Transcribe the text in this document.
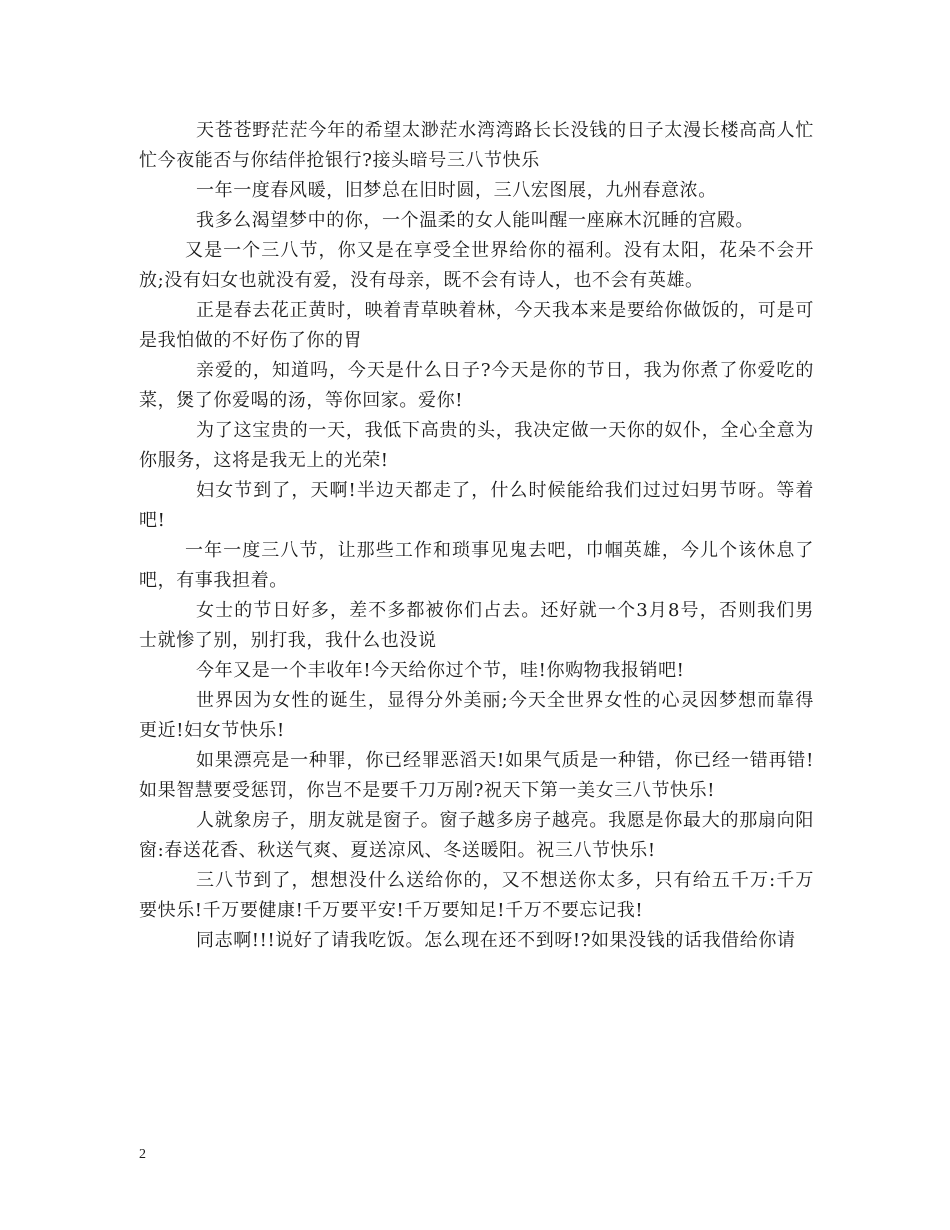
天苍苍野茫茫今年的希望太渺茫水湾湾路长长没钱的日子太漫长楼高高人忙忙今夜能否与你结伴抢银行?接头暗号三八节快乐

一年一度春风暖，旧梦总在旧时圆，三八宏图展，九州春意浓。

我多么渴望梦中的你，一个温柔的女人能叫醒一座麻木沉睡的宫殿。

又是一个三八节，你又是在享受全世界给你的福利。没有太阳，花朵不会开放;没有妇女也就没有爱，没有母亲，既不会有诗人，也不会有英雄。

正是春去花正黄时，映着青草映着林，今天我本来是要给你做饭的，可是可是我怕做的不好伤了你的胃

亲爱的，知道吗，今天是什么日子?今天是你的节日，我为你煮了你爱吃的菜，煲了你爱喝的汤，等你回家。爱你!

为了这宝贵的一天，我低下高贵的头，我决定做一天你的奴仆，全心全意为你服务，这将是我无上的光荣!

妇女节到了，天啊!半边天都走了，什么时候能给我们过过妇男节呀。等着吧!

一年一度三八节，让那些工作和琐事见鬼去吧，巾帼英雄，今儿个该休息了吧，有事我担着。

女士的节日好多，差不多都被你们占去。还好就一个3月8号，否则我们男士就惨了别，别打我，我什么也没说

今年又是一个丰收年!今天给你过个节，哇!你购物我报销吧!

世界因为女性的诞生，显得分外美丽;今天全世界女性的心灵因梦想而靠得更近!妇女节快乐!

如果漂亮是一种罪，你已经罪恶滔天!如果气质是一种错，你已经一错再错!如果智慧要受惩罚，你岂不是要千刀万剐?祝天下第一美女三八节快乐!

人就象房子，朋友就是窗子。窗子越多房子越亮。我愿是你最大的那扇向阳窗:春送花香、秋送气爽、夏送凉风、冬送暖阳。祝三八节快乐!

三八节到了，想想没什么送给你的，又不想送你太多，只有给五千万:千万要快乐!千万要健康!千万要平安!千万要知足!千万不要忘记我!

同志啊!!!说好了请我吃饭。怎么现在还不到呀!?如果没钱的话我借给你请

2
